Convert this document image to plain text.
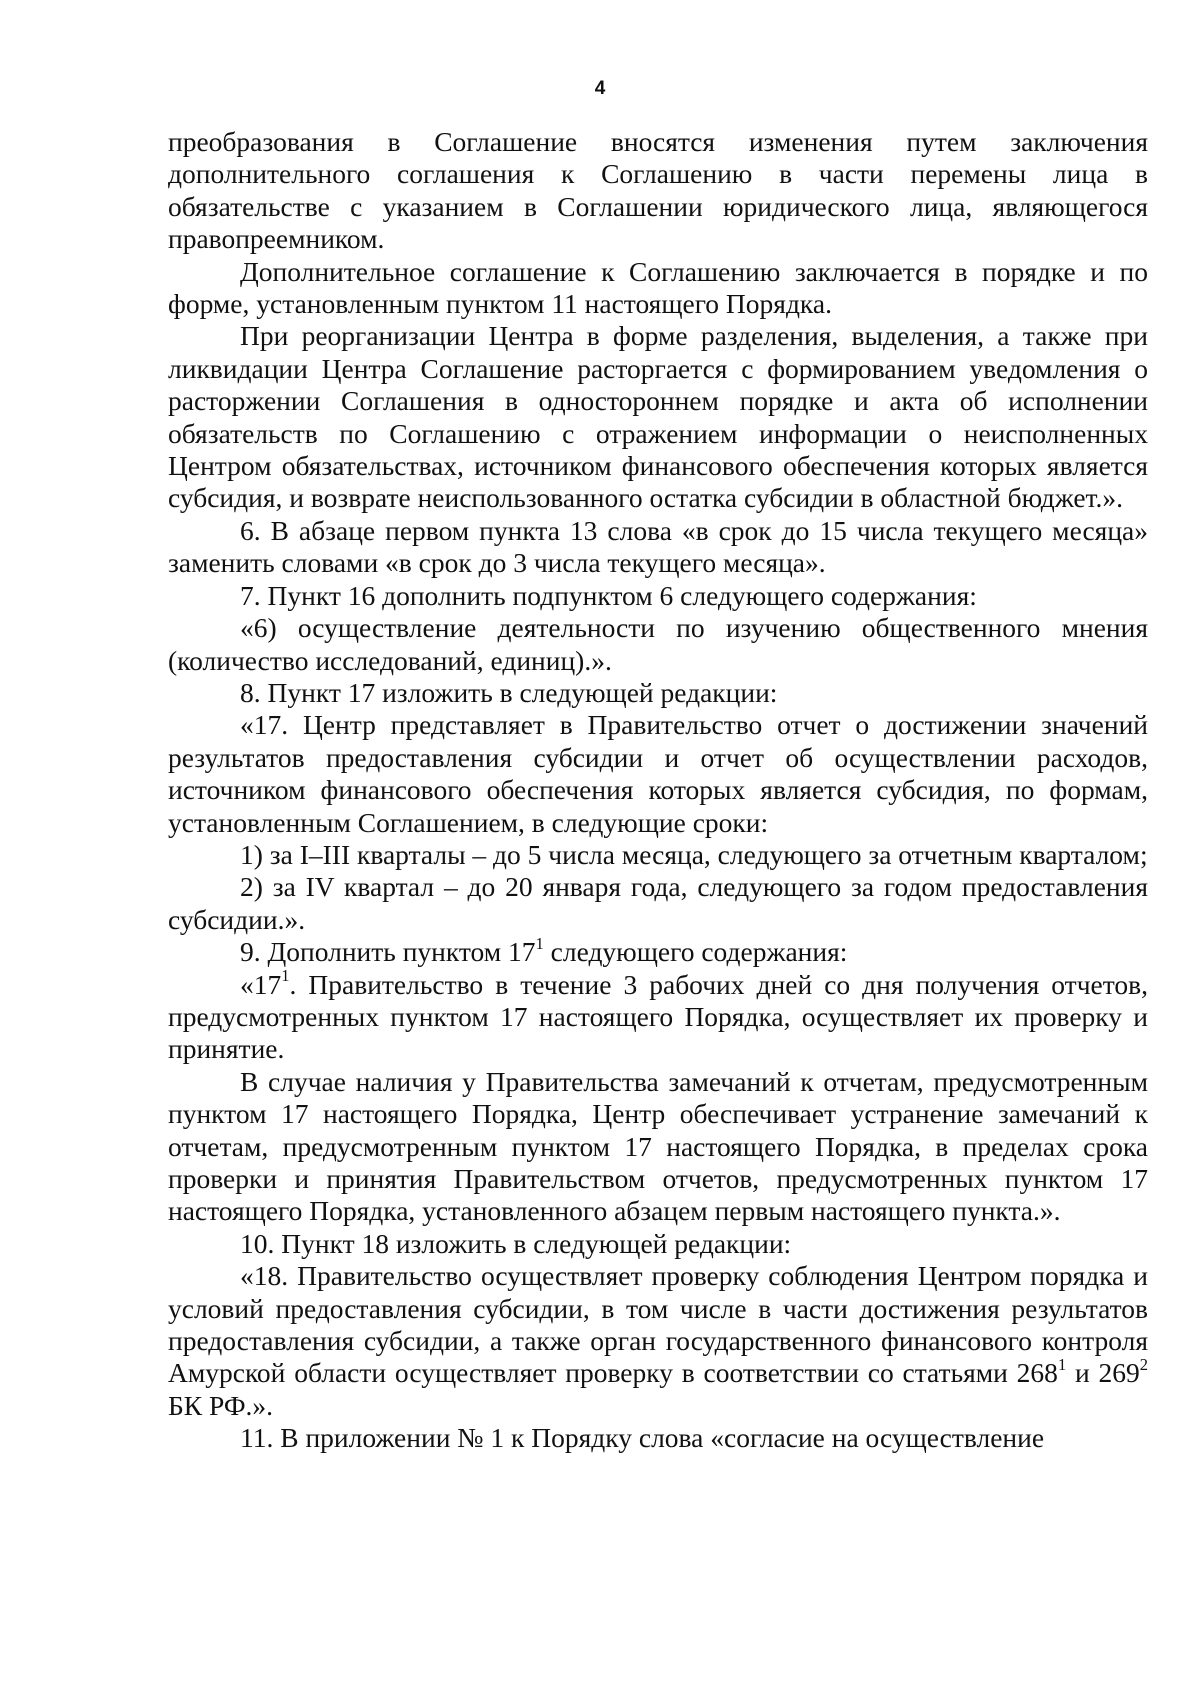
4

преобразования в Соглашение вносятся изменения путем заключения дополнительного соглашения к Соглашению в части перемены лица в обязательстве с указанием в Соглашении юридического лица, являющегося правопреемником.

Дополнительное соглашение к Соглашению заключается в порядке и по форме, установленным пунктом 11 настоящего Порядка.

При реорганизации Центра в форме разделения, выделения, а также при ликвидации Центра Соглашение расторгается с формированием уведомления о расторжении Соглашения в одностороннем порядке и акта об исполнении обязательств по Соглашению с отражением информации о неисполненных Центром обязательствах, источником финансового обеспечения которых является субсидия, и возврате неиспользованного остатка субсидии в областной бюджет.».

6. В абзаце первом пункта 13 слова «в срок до 15 числа текущего месяца» заменить словами «в срок до 3 числа текущего месяца».

7. Пункт 16 дополнить подпунктом 6 следующего содержания:

«6) осуществление деятельности по изучению общественного мнения (количество исследований, единиц).».

8. Пункт 17 изложить в следующей редакции:

«17. Центр представляет в Правительство отчет о достижении значений результатов предоставления субсидии и отчет об осуществлении расходов, источником финансового обеспечения которых является субсидия, по формам, установленным Соглашением, в следующие сроки:

1) за I–III кварталы – до 5 числа месяца, следующего за отчетным кварталом;

2) за IV квартал – до 20 января года, следующего за годом предоставления субсидии.».

9. Дополнить пунктом $17^1$ следующего содержания:

«$17^1$. Правительство в течение 3 рабочих дней со дня получения отчетов, предусмотренных пунктом 17 настоящего Порядка, осуществляет их проверку и принятие.

В случае наличия у Правительства замечаний к отчетам, предусмотренным пунктом 17 настоящего Порядка, Центр обеспечивает устранение замечаний к отчетам, предусмотренным пунктом 17 настоящего Порядка, в пределах срока проверки и принятия Правительством отчетов, предусмотренных пунктом 17 настоящего Порядка, установленного абзацем первым настоящего пункта.».

10. Пункт 18 изложить в следующей редакции:

«18. Правительство осуществляет проверку соблюдения Центром порядка и условий предоставления субсидии, в том числе в части достижения результатов предоставления субсидии, а также орган государственного финансового контроля Амурской области осуществляет проверку в соответствии со статьями $268^1$ и $269^2$ БК РФ.».

11. В приложении № 1 к Порядку слова «согласие на осуществление
